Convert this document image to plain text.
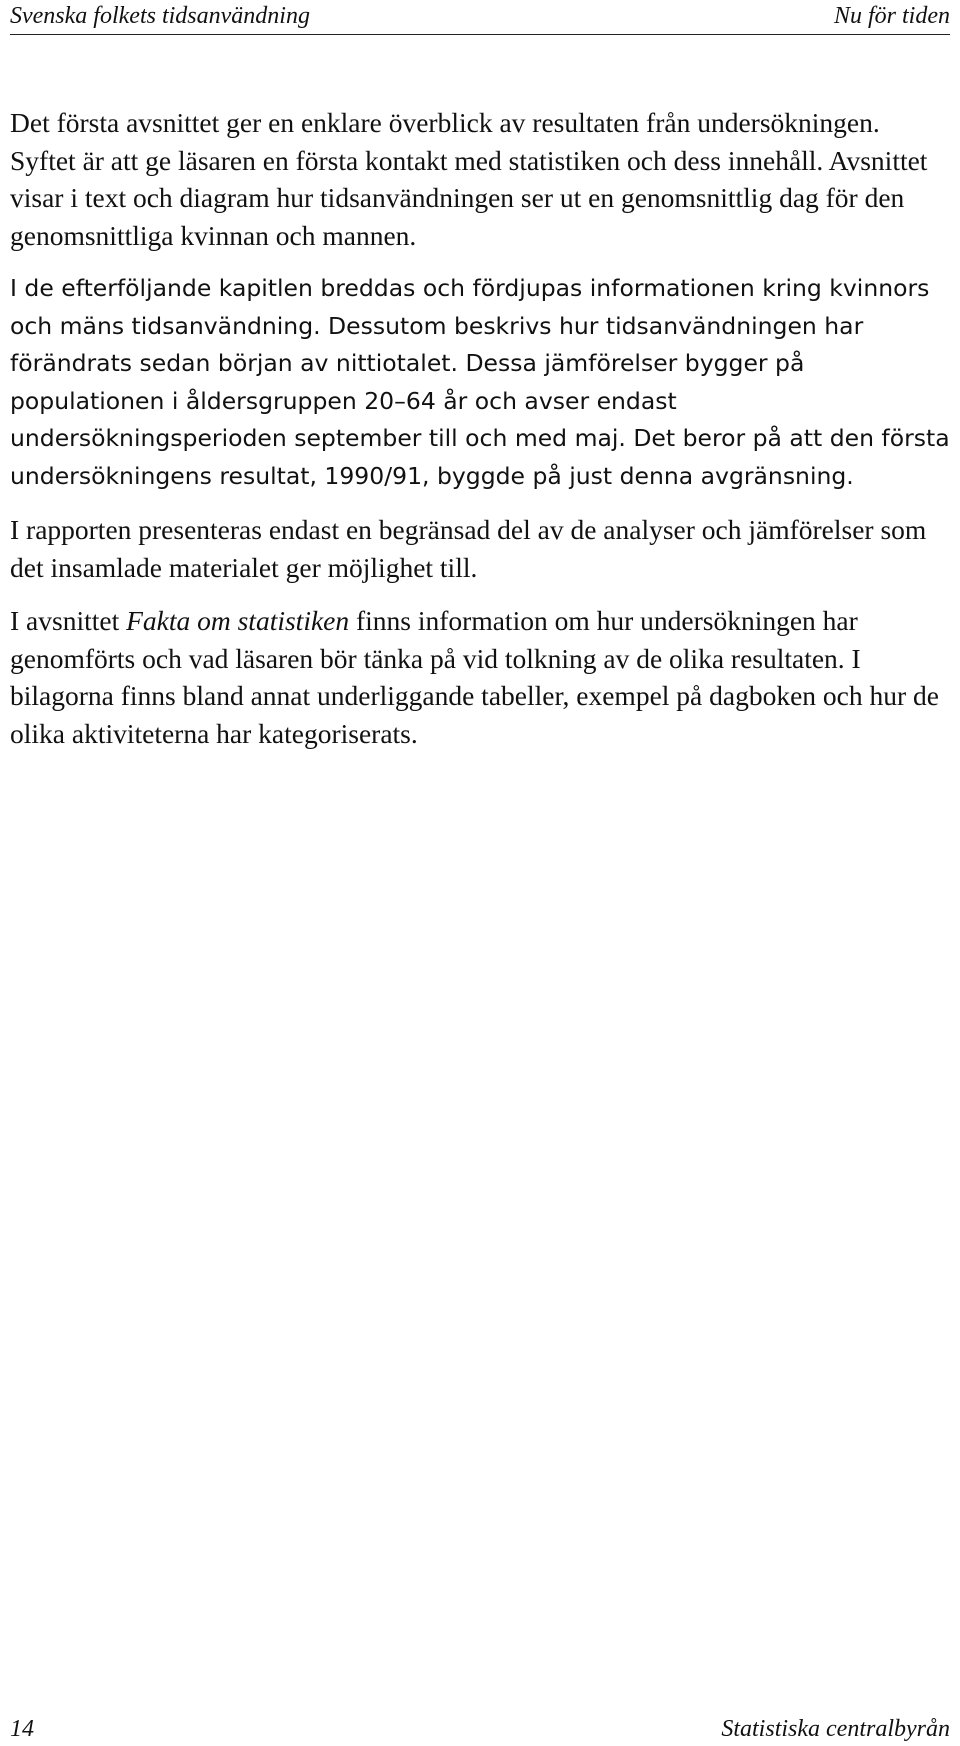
Svenska folkets tidsanvändning	Nu för tiden

Det första avsnittet ger en enklare överblick av resultaten från undersökningen. Syftet är att ge läsaren en första kontakt med statistiken och dess innehåll. Avsnittet visar i text och diagram hur tidsanvändningen ser ut en genomsnittlig dag för den genomsnittliga kvinnan och mannen.

I de efterföljande kapitlen breddas och fördjupas informationen kring kvinnors och mäns tidsanvändning. Dessutom beskrivs hur tidsanvändningen har förändrats sedan början av nittiotalet. Dessa jämförelser bygger på populationen i åldersgruppen 20–64 år och avser endast undersökningsperioden september till och med maj. Det beror på att den första undersökningens resultat, 1990/91, byggde på just denna avgränsning.

I rapporten presenteras endast en begränsad del av de analyser och jämförelser som det insamlade materialet ger möjlighet till.

I avsnittet Fakta om statistiken finns information om hur undersökningen har genomförts och vad läsaren bör tänka på vid tolkning av de olika resultaten. I bilagorna finns bland annat underliggande tabeller, exempel på dagboken och hur de olika aktiviteterna har kategoriserats.

14	Statistiska centralbyrån
